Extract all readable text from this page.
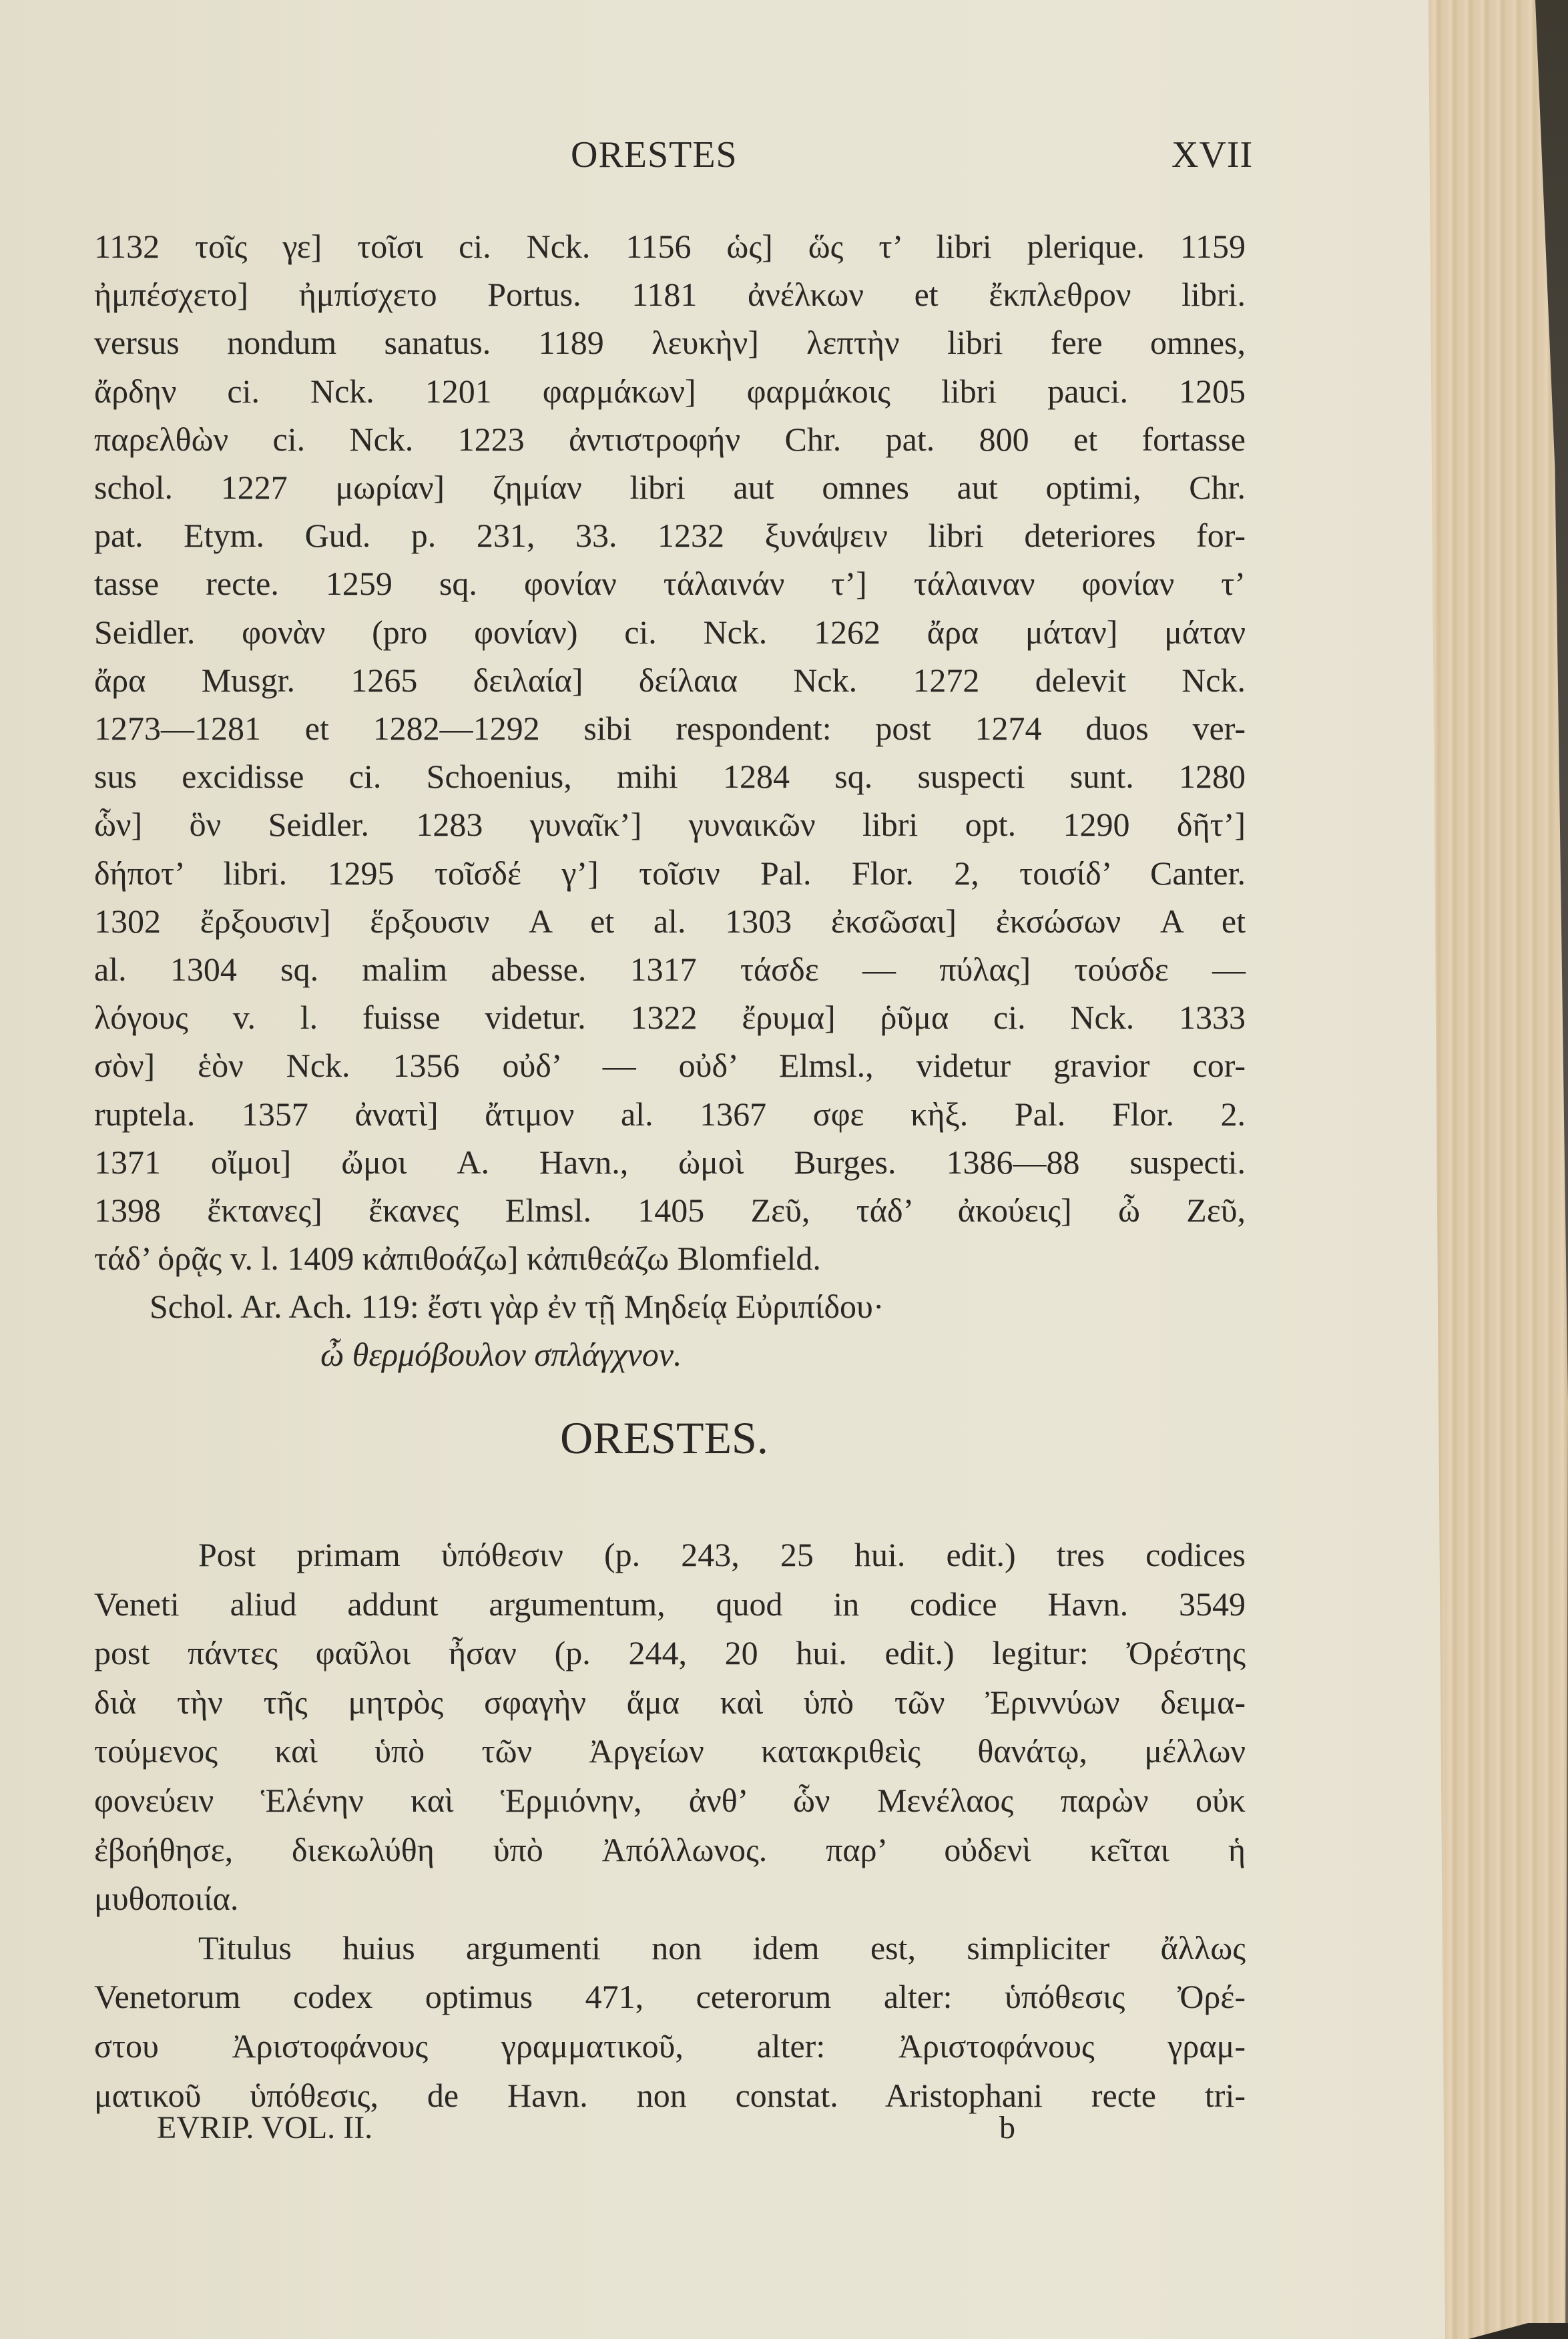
ORESTES	XVII
1132 τοῖς γε] τοῖσι ci. Nck. 1156 ὡς] ὥς τ’ libri plerique. 1159
ἠμπέσχετο] ἠμπίσχετο Portus. 1181 ἀνέλκων et ἔκπλεθρον libri.
versus nondum sanatus. 1189 λευκὴν] λεπτὴν libri fere omnes,
ἄρδην ci. Nck. 1201 φαρμάκων] φαρμάκοις libri pauci. 1205
παρελθὼν ci. Nck. 1223 ἀντιστροφήν Chr. pat. 800 et fortasse
schol. 1227 μωρίαν] ζημίαν libri aut omnes aut optimi, Chr.
pat. Etym. Gud. p. 231, 33. 1232 ξυνάψειν libri deteriores for-
tasse recte. 1259 sq. φονίαν τάλαινάν τ’] τάλαιναν φονίαν τ’
Seidler. φονὰν (pro φονίαν) ci. Nck. 1262 ἄρα μάταν] μάταν
ἄρα Musgr. 1265 δειλαία] δείλαια Nck. 1272 delevit Nck.
1273—1281 et 1282—1292 sibi respondent: post 1274 duos ver-
sus excidisse ci. Schoenius, mihi 1284 sq. suspecti sunt. 1280
ὧν] ὃν Seidler. 1283 γυναῖκ’] γυναικῶν libri opt. 1290 δῆτ’]
δήποτ’ libri. 1295 τοῖσδέ γ’] τοῖσιν Pal. Flor. 2, τοισίδ’ Canter.
1302 ἔρξουσιν] ἕρξουσιν A et al. 1303 ἐκσῶσαι] ἐκσώσων A et
al. 1304 sq. malim abesse. 1317 τάσδε — πύλας] τούσδε —
λόγους v. l. fuisse videtur. 1322 ἔρυμα] ῥῦμα ci. Nck. 1333
σὸν] ἑὸν Nck. 1356 οὐδ’ — οὐδ’ Elmsl., videtur gravior cor-
ruptela. 1357 ἀνατὶ] ἄτιμον al. 1367 σφε κὴξ. Pal. Flor. 2.
1371 οἴμοι] ὤμοι A. Havn., ὠμοὶ Burges. 1386—88 suspecti.
1398 ἔκτανες] ἔκανες Elmsl. 1405 Ζεῦ, τάδ’ ἀκούεις] ὦ Ζεῦ,
τάδ’ ὁρᾷς v. l. 1409 κἀπιθοάζω] κἀπιθεάζω Blomfield.
Schol. Ar. Ach. 119: ἔστι γὰρ ἐν τῇ Μηδείᾳ Εὐριπίδου·
ὦ θερμόβουλον σπλάγχνον.
ORESTES.
Post primam ὑπόθεσιν (p. 243, 25 hui. edit.) tres codices
Veneti aliud addunt argumentum, quod in codice Havn. 3549
post πάντες φαῦλοι ἦσαν (p. 244, 20 hui. edit.) legitur: Ὀρέστης
διὰ τὴν τῆς μητρὸς σφαγὴν ἅμα καὶ ὑπὸ τῶν Ἐριννύων δειμα-
τούμενος καὶ ὑπὸ τῶν Ἀργείων κατακριθεὶς θανάτῳ, μέλλων
φονεύειν Ἑλένην καὶ Ἑρμιόνην, ἀνθ’ ὧν Μενέλαος παρὼν οὐκ
ἐβοήθησε, διεκωλύθη ὑπὸ Ἀπόλλωνος. παρ’ οὐδενὶ κεῖται ἡ
μυθοποιία.
Titulus huius argumenti non idem est, simpliciter ἄλλως
Venetorum codex optimus 471, ceterorum alter: ὑπόθεσις Ὀρέ-
στου Ἀριστοφάνους γραμματικοῦ, alter: Ἀριστοφάνους γραμ-
ματικοῦ ὑπόθεσις, de Havn. non constat. Aristophani recte tri-
EVRIP. VOL. II.	b
